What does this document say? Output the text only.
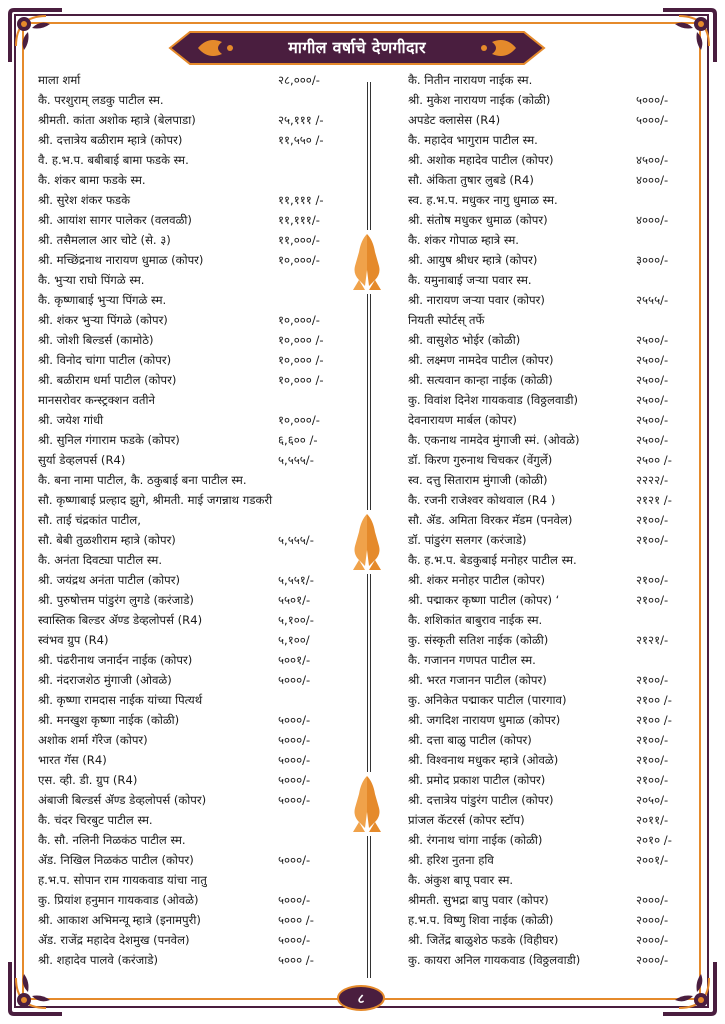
मागील वर्षाचे देणगीदार
माला शर्मा	२८,०००/-
कै. परशुराम् लडकु पाटील स्म.
श्रीमती. कांता अशोक म्हात्रे (बेलपाडा)	२५,१११ /-
श्री. दत्तात्रेय बळीराम म्हात्रे (कोपर)	११,५५० /-
वै. ह.भ.प. बबीबाई बामा फडके स्म.
कै. शंकर बामा फडके स्म.
श्री. सुरेश शंकर फडके	११,१११ /-
श्री. आयांश सागर पालेकर (वलवळी)	११,१११/-
श्री. तसैमलाल आर चोटे (से. ३)	११,०००/-
श्री. मच्छिंद्रनाथ नारायण धुमाळ (कोपर)	१०,०००/-
कै. भुऱ्या राघो पिंगळे स्म.
कै. कृष्णाबाई भुऱ्या पिंगळे स्म.
श्री. शंकर भुऱ्या पिंगळे (कोपर)	१०,०००/-
श्री. जोशी बिल्डर्स (कामोठे)	१०,००० /-
श्री. विनोद चांगा पाटील (कोपर)	१०,००० /-
श्री. बळीराम धर्मा पाटील (कोपर)	१०,००० /-
मानसरोवर कन्स्ट्रक्शन वतीने
श्री. जयेश गांधी	१०,०००/-
श्री. सुनिल गंगाराम फडके (कोपर)	६,६०० /-
सुर्या डेव्हलपर्स (R4)	५,५५५/-
कै. बना नामा पाटील, कै. ठकुबाई बना पाटील स्म.
सौ. कृष्णाबाई प्रल्हाद झुगे, श्रीमती. माई जगन्नाथ गडकरी
सौ. ताई चंद्रकांत पाटील,
सौ. बेबी तुळशीराम म्हात्रे (कोपर)	५,५५५/-
कै. अनंता दिवट्या पाटील स्म.
श्री. जयंद्रथ अनंता पाटील (कोपर)	५,५५१/-
श्री. पुरुषोत्तम पांडुरंग लुगडे (करंजाडे)	५५०१/-
स्वास्तिक बिल्डर ॲण्ड डेव्हलोपर्स (R4)	५,१००/-
स्वंभव ग्रुप (R4)	५,१००/
श्री. पंढरीनाथ जनार्दन नाईक (कोपर)	५००१/-
श्री. नंदराजशेठ मुंगाजी (ओवळे)	५०००/-
श्री. कृष्णा रामदास नाईक यांच्या पित्यर्थ
श्री. मनखुश कृष्णा नाईक (कोळी)	५०००/-
अशोक शर्मा गॅरेज (कोपर)	५०००/-
भारत गॅस (R4)	५०००/-
एस. व्ही. डी. ग्रुप (R4)	५०००/-
अंबाजी बिल्डर्स ॲण्ड डेव्हलोपर्स (कोपर)	५०००/-
कै. चंदर चिरबुट पाटील स्म.
कै. सौ. नलिनी निळकंठ पाटील स्म.
ॲड. निखिल निळकंठ पाटील (कोपर)	५०००/-
ह.भ.प. सोपान राम गायकवाड यांचा नातु
कु. प्रियांश हनुमान गायकवाड (ओवळे)	५०००/-
श्री. आकाश अभिमन्यू म्हात्रे (इनामपुरी)	५००० /-
ॲड. राजेंद्र महादेव देशमुख (पनवेल)	५०००/-
श्री. शहादेव पालवे (करंजाडे)	५००० /-
कै. नितीन नारायण नाईक स्म.
श्री. मुकेश नारायण नाईक (कोळी)	५०००/-
अपडेट क्लासेस (R4)	५०००/-
कै. महादेव भागुराम पाटील स्म.
श्री. अशोक महादेव पाटील (कोपर)	४५००/-
सौ. अंकिता तुषार लुबडे (R4)	४०००/-
स्व. ह.भ.प. मधुकर नागु धुमाळ स्म.
श्री. संतोष मधुकर धुमाळ (कोपर)	४०००/-
कै. शंकर गोपाळ म्हात्रे स्म.
श्री. आयुष श्रीधर म्हात्रे (कोपर)	३०००/-
कै. यमुनाबाई जऱ्या पवार स्म.
श्री. नारायण जऱ्या पवार (कोपर)	२५५५/-
नियती स्पोर्टस् तर्फे
श्री. वासुशेठ भोईर (कोळी)	२५००/-
श्री. लक्ष्मण नामदेव पाटील (कोपर)	२५००/-
श्री. सत्यवान कान्हा नाईक (कोळी)	२५००/-
कु. विवांश दिनेश गायकवाड (विठ्ठलवाडी)	२५००/-
देवनारायण मार्बल (कोपर)	२५००/-
कै. एकनाथ नामदेव मुंगाजी स्मं. (ओवळे)	२५००/-
डॉ. किरण गुरुनाथ चिचकर (वेंगुर्ले)	२५०० /-
स्व. दत्तु सिताराम मुंगाजी (कोळी)	२२२२/-
कै. रजनी राजेश्वर कोथवाल (R4 )	२१२१ /-
सौ. ॲड. अमिता विरकर मॅडम (पनवेल)	२१००/-
डॉ. पांडुरंग सलगर (करंजाडे)	२१००/-
कै. ह.भ.प. बेडकुबाई मनोहर पाटील स्म.
श्री. शंकर मनोहर पाटील (कोपर)	२१००/-
श्री. पद्माकर कृष्णा पाटील (कोपर) ‘	२१००/-
कै. शशिकांत बाबुराव नाईक स्म.
कु. संस्कृती सतिश नाईक (कोळी)	२१२१/-
कै. गजानन गणपत पाटील स्म.
श्री. भरत गजानन पाटील (कोपर)	२१००/-
कु. अनिकेत पद्माकर पाटील (पारगाव)	२१०० /-
श्री. जगदिश नारायण धुमाळ (कोपर)	२१०० /-
श्री. दत्ता बाळु पाटील (कोपर)	२१००/-
श्री. विश्वनाथ मधुकर म्हात्रे (ओवळे)	२१००/-
श्री. प्रमोद प्रकाश पाटील (कोपर)	२१००/-
श्री. दत्तात्रेय पांडुरंग पाटील (कोपर)	२०५०/-
प्रांजल कॅटरर्स (कोपर स्टॉप)	२०११/-
श्री. रंगनाथ चांगा नाईक (कोळी)	२०१० /-
श्री. हरिश नुतना हवि	२००१/-
कै. अंकुश बापू पवार स्म.
श्रीमती. सुभद्रा बापु पवार (कोपर)	२०००/-
ह.भ.प. विष्णु शिवा नाईक (कोळी)	२०००/-
श्री. जितेंद्र बाळुशेठ फडके (विहीघर)	२०००/-
कु. कायरा अनिल गायकवाड (विठ्ठलवाडी)	२०००/-
८
